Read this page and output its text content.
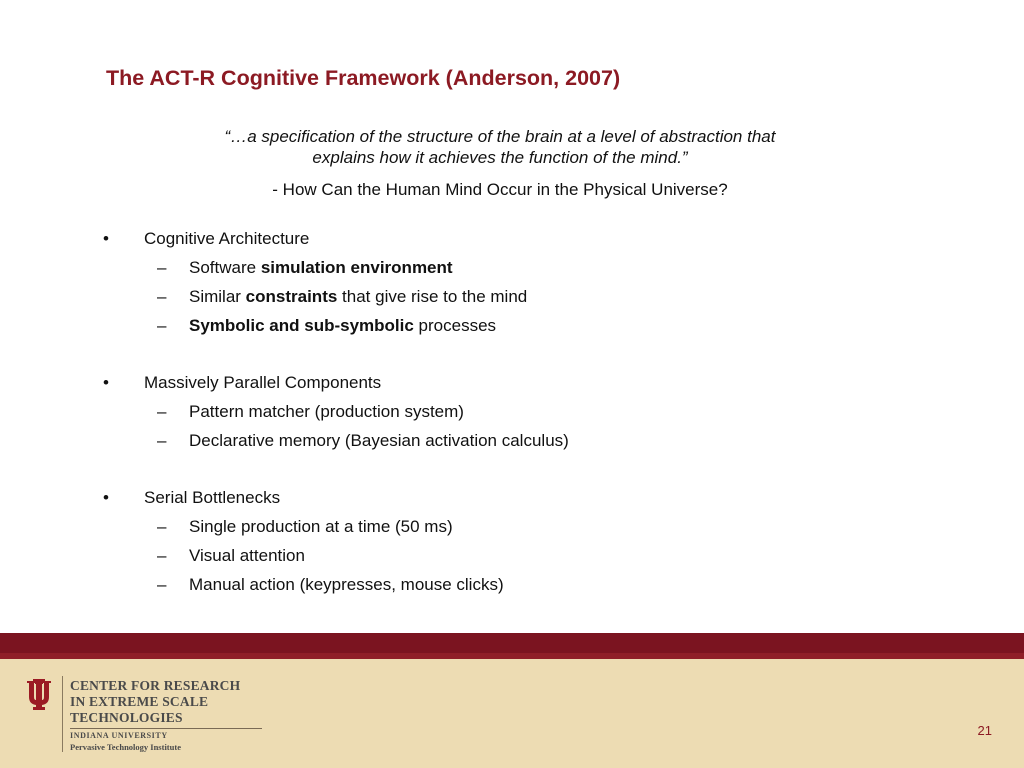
The ACT-R Cognitive Framework (Anderson, 2007)
“…a specification of the structure of the brain at a level of abstraction that
explains how it achieves the function of the mind.”
- How Can the Human Mind Occur in the Physical Universe?
• Cognitive Architecture
– Software simulation environment
– Similar constraints that give rise to the mind
– Symbolic and sub-symbolic processes
• Massively Parallel Components
– Pattern matcher (production system)
– Declarative memory (Bayesian activation calculus)
• Serial Bottlenecks
– Single production at a time (50 ms)
– Visual attention
– Manual action (keypresses, mouse clicks)
CENTER FOR RESEARCH
IN EXTREME SCALE
TECHNOLOGIES
INDIANA UNIVERSITY
Pervasive Technology Institute
21
